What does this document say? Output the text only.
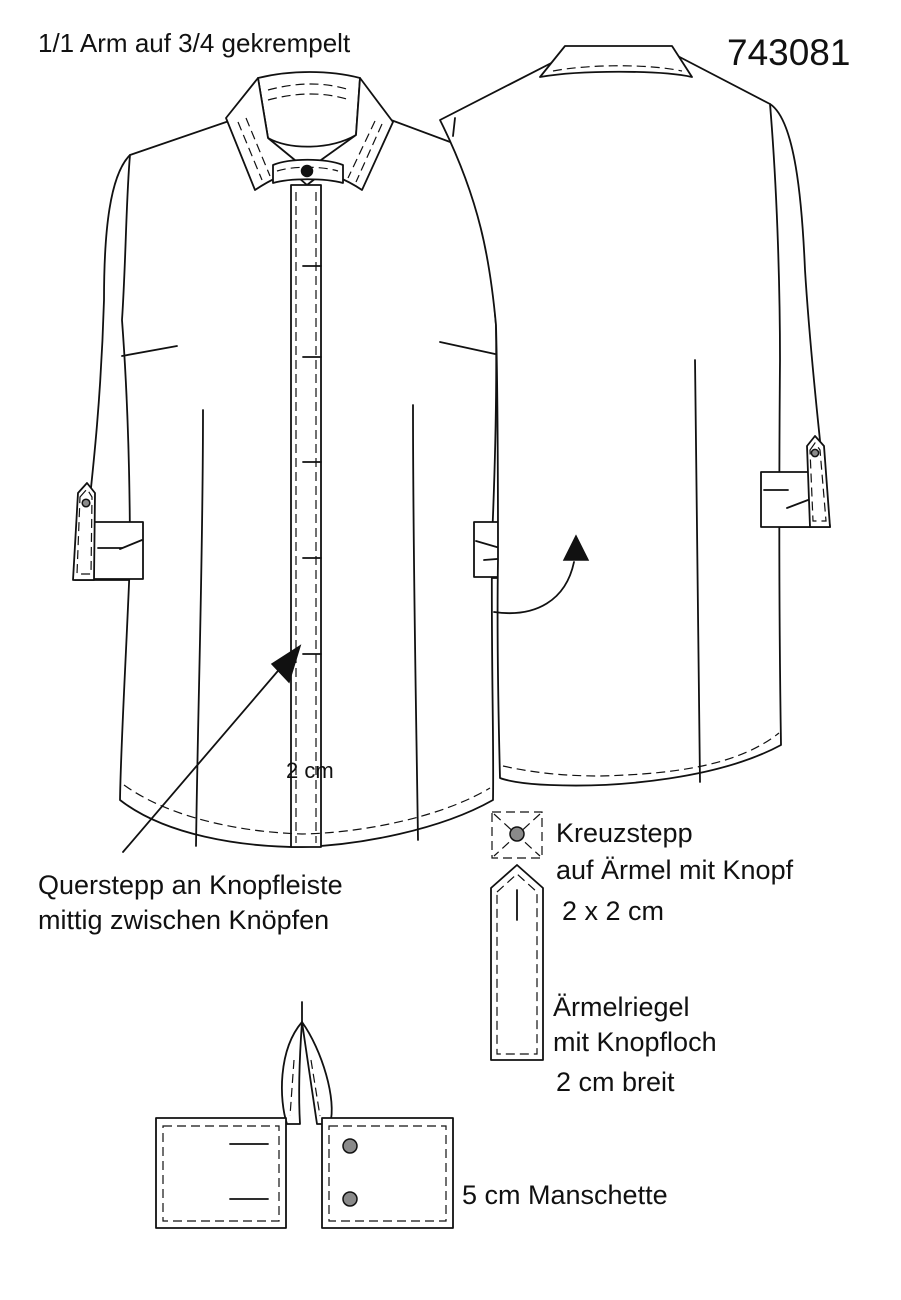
1/1 Arm auf 3/4 gekrempelt	743081
2 cm
Querstepp an Knopfleiste
mittig zwischen Knöpfen
Kreuzstepp
auf Ärmel mit Knopf
2 x 2 cm
Ärmelriegel
mit Knopfloch
2 cm breit
5 cm Manschette
